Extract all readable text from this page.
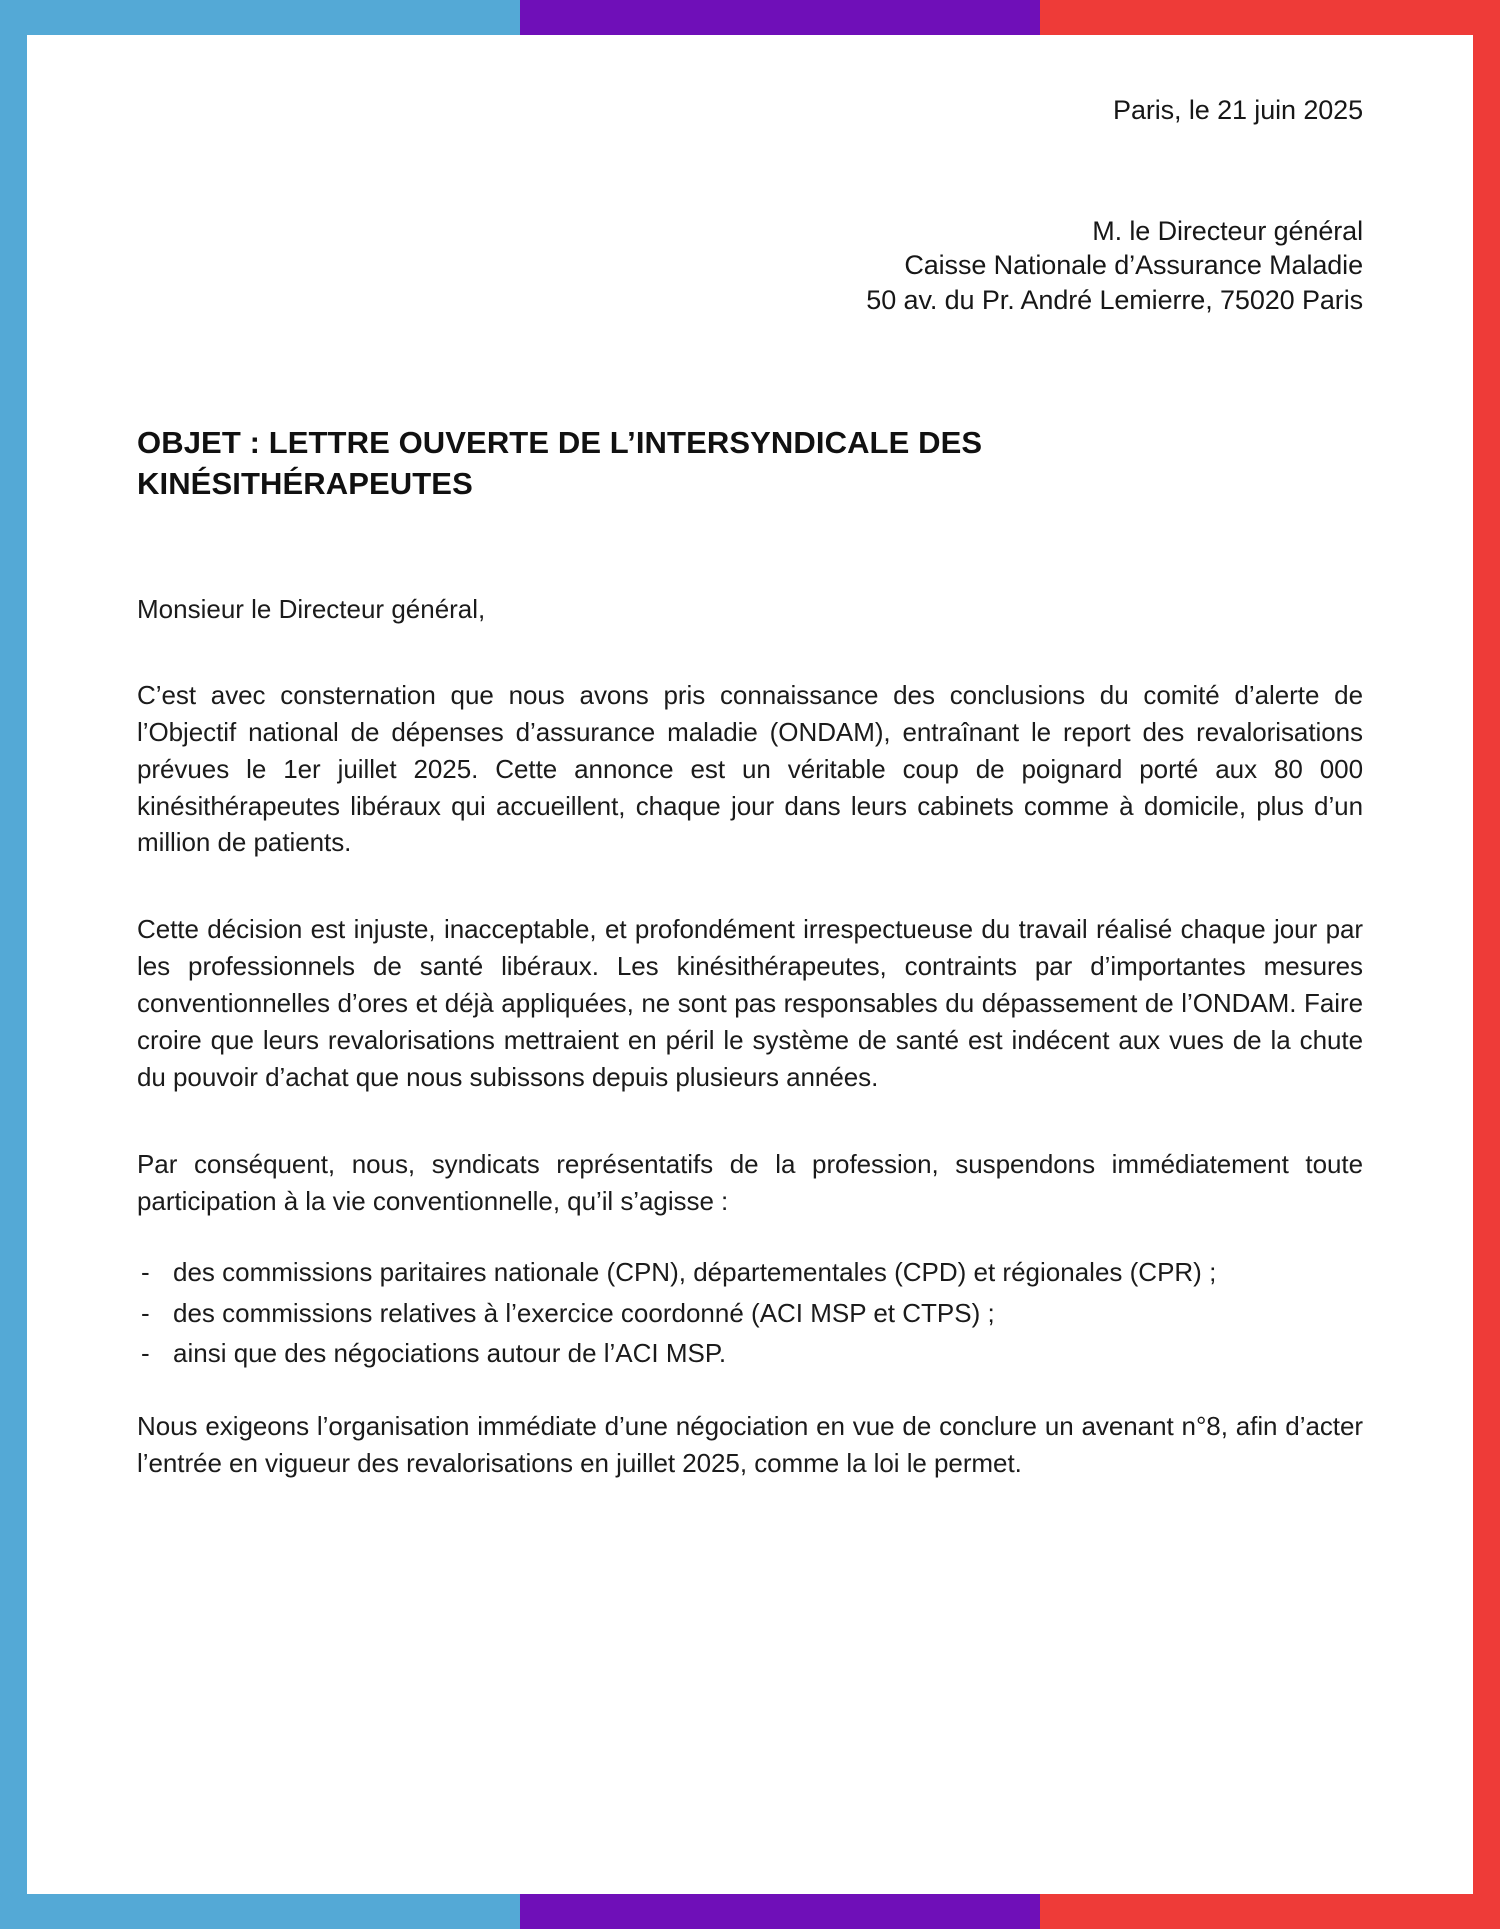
Paris, le 21 juin 2025
M. le Directeur général
Caisse Nationale d’Assurance Maladie
50 av. du Pr. André Lemierre, 75020 Paris
OBJET : LETTRE OUVERTE DE L’INTERSYNDICALE DES KINÉSITHÉRAPEUTES

Monsieur le Directeur général,

C’est avec consternation que nous avons pris connaissance des conclusions du comité d’alerte de l’Objectif national de dépenses d’assurance maladie (ONDAM), entraînant le report des revalorisations prévues le 1er juillet 2025. Cette annonce est un véritable coup de poignard porté aux 80 000 kinésithérapeutes libéraux qui accueillent, chaque jour dans leurs cabinets comme à domicile, plus d’un million de patients.

Cette décision est injuste, inacceptable, et profondément irrespectueuse du travail réalisé chaque jour par les professionnels de santé libéraux. Les kinésithérapeutes, contraints par d’importantes mesures conventionnelles d’ores et déjà appliquées, ne sont pas responsables du dépassement de l’ONDAM. Faire croire que leurs revalorisations mettraient en péril le système de santé est indécent aux vues de la chute du pouvoir d’achat que nous subissons depuis plusieurs années.

Par conséquent, nous, syndicats représentatifs de la profession, suspendons immédiatement toute participation à la vie conventionnelle, qu’il s’agisse :

- des commissions paritaires nationale (CPN), départementales (CPD) et régionales (CPR) ;
- des commissions relatives à l’exercice coordonné (ACI MSP et CTPS) ;
- ainsi que des négociations autour de l’ACI MSP.

Nous exigeons l’organisation immédiate d’une négociation en vue de conclure un avenant n°8, afin d’acter l’entrée en vigueur des revalorisations en juillet 2025, comme la loi le permet.
